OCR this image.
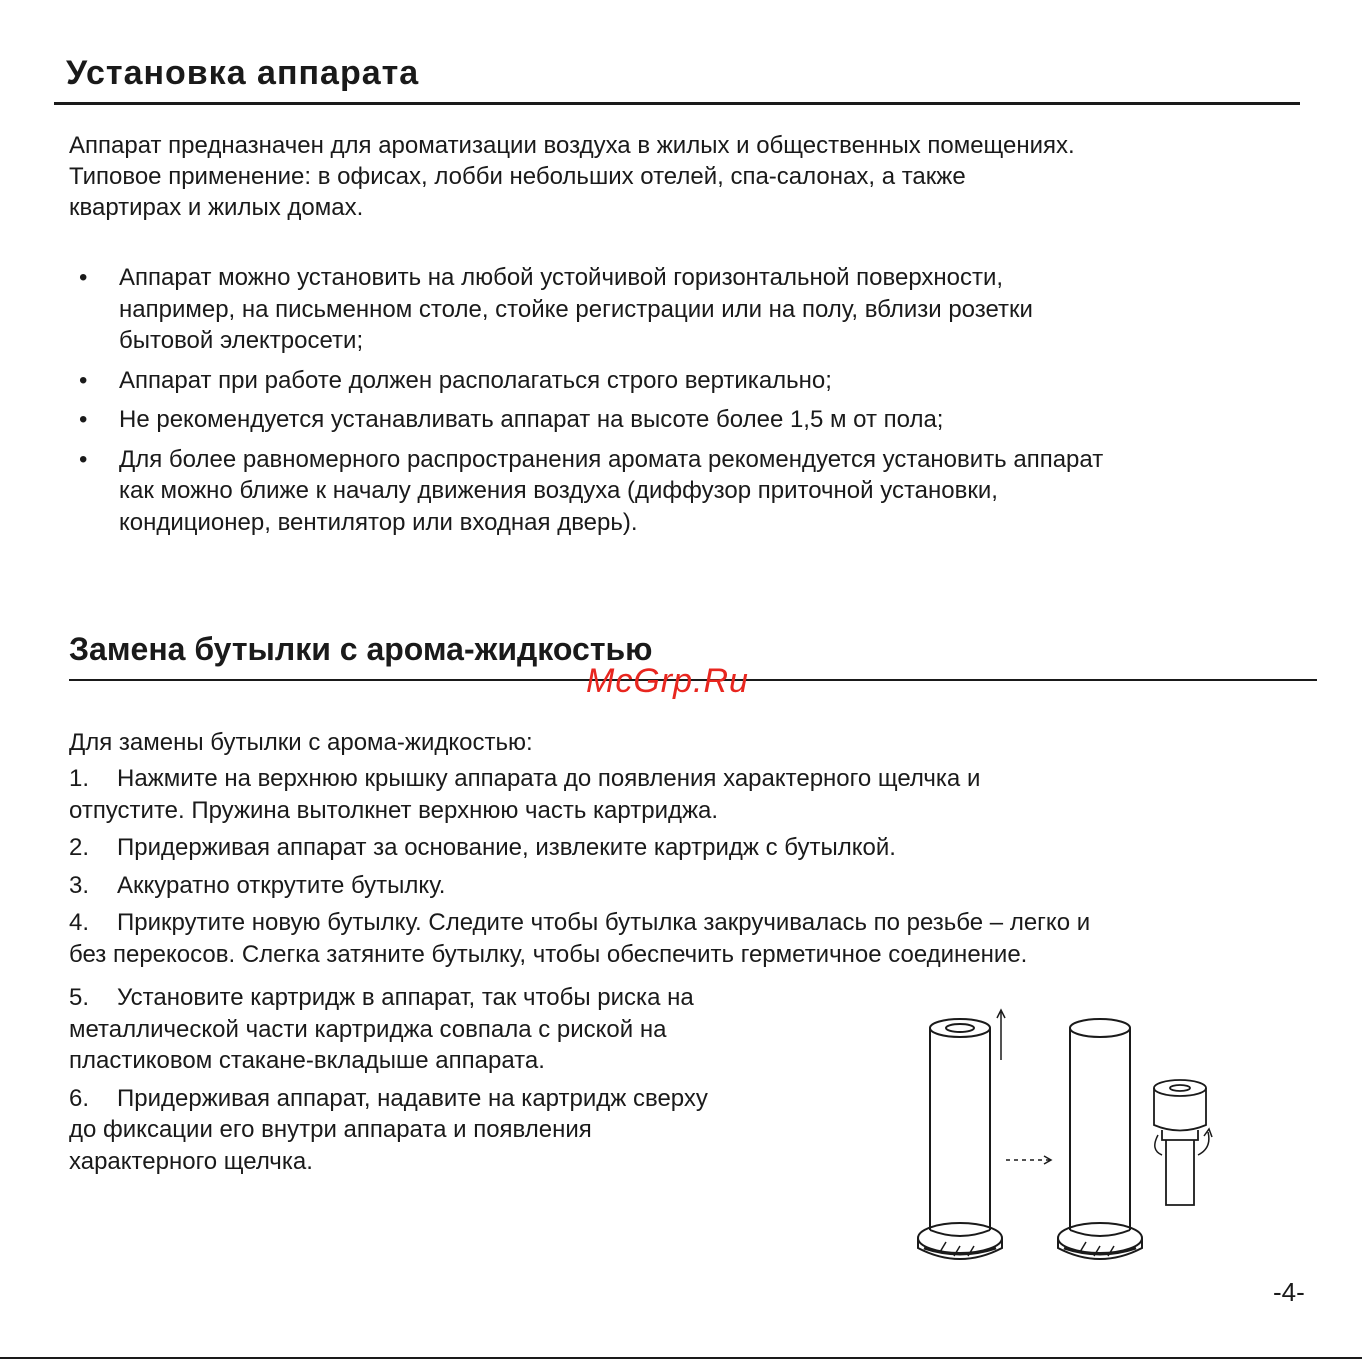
Установка аппарата

Аппарат предназначен для ароматизации воздуха в жилых и общественных помещениях.
Типовое применение: в офисах, лобби небольших отелей, спа-салонах, а также
квартирах и жилых домах.

• Аппарат можно установить на любой устойчивой горизонтальной поверхности,
например, на письменном столе, стойке регистрации или на полу, вблизи розетки
бытовой электросети;
• Аппарат при работе должен располагаться строго вертикально;
• Не рекомендуется устанавливать аппарат на высоте более 1,5 м от пола;
• Для более равномерного распространения аромата рекомендуется установить аппарат
как можно ближе к началу движения воздуха (диффузор приточной установки,
кондиционер, вентилятор или входная дверь).
Замена бутылки с арома-жидкостью
McGrp.Ru

Для замены бутылки с арома-жидкостью:

1. Нажмите на верхнюю крышку аппарата до появления характерного щелчка и
отпустите. Пружина вытолкнет верхнюю часть картриджа.
2. Придерживая аппарат за основание, извлеките картридж с бутылкой.
3. Аккуратно открутите бутылку.
4. Прикрутите новую бутылку. Следите чтобы бутылка закручивалась по резьбе – легко и
без перекосов. Слегка затяните бутылку, чтобы обеспечить герметичное соединение.
5. Установите картридж в аппарат, так чтобы риска на
металлической части картриджа совпала с риской на
пластиковом стакане-вкладыше аппарата.
6. Придерживая аппарат, надавите на картридж сверху
до фиксации его внутри аппарата и появления
характерного щелчка.
-4-
